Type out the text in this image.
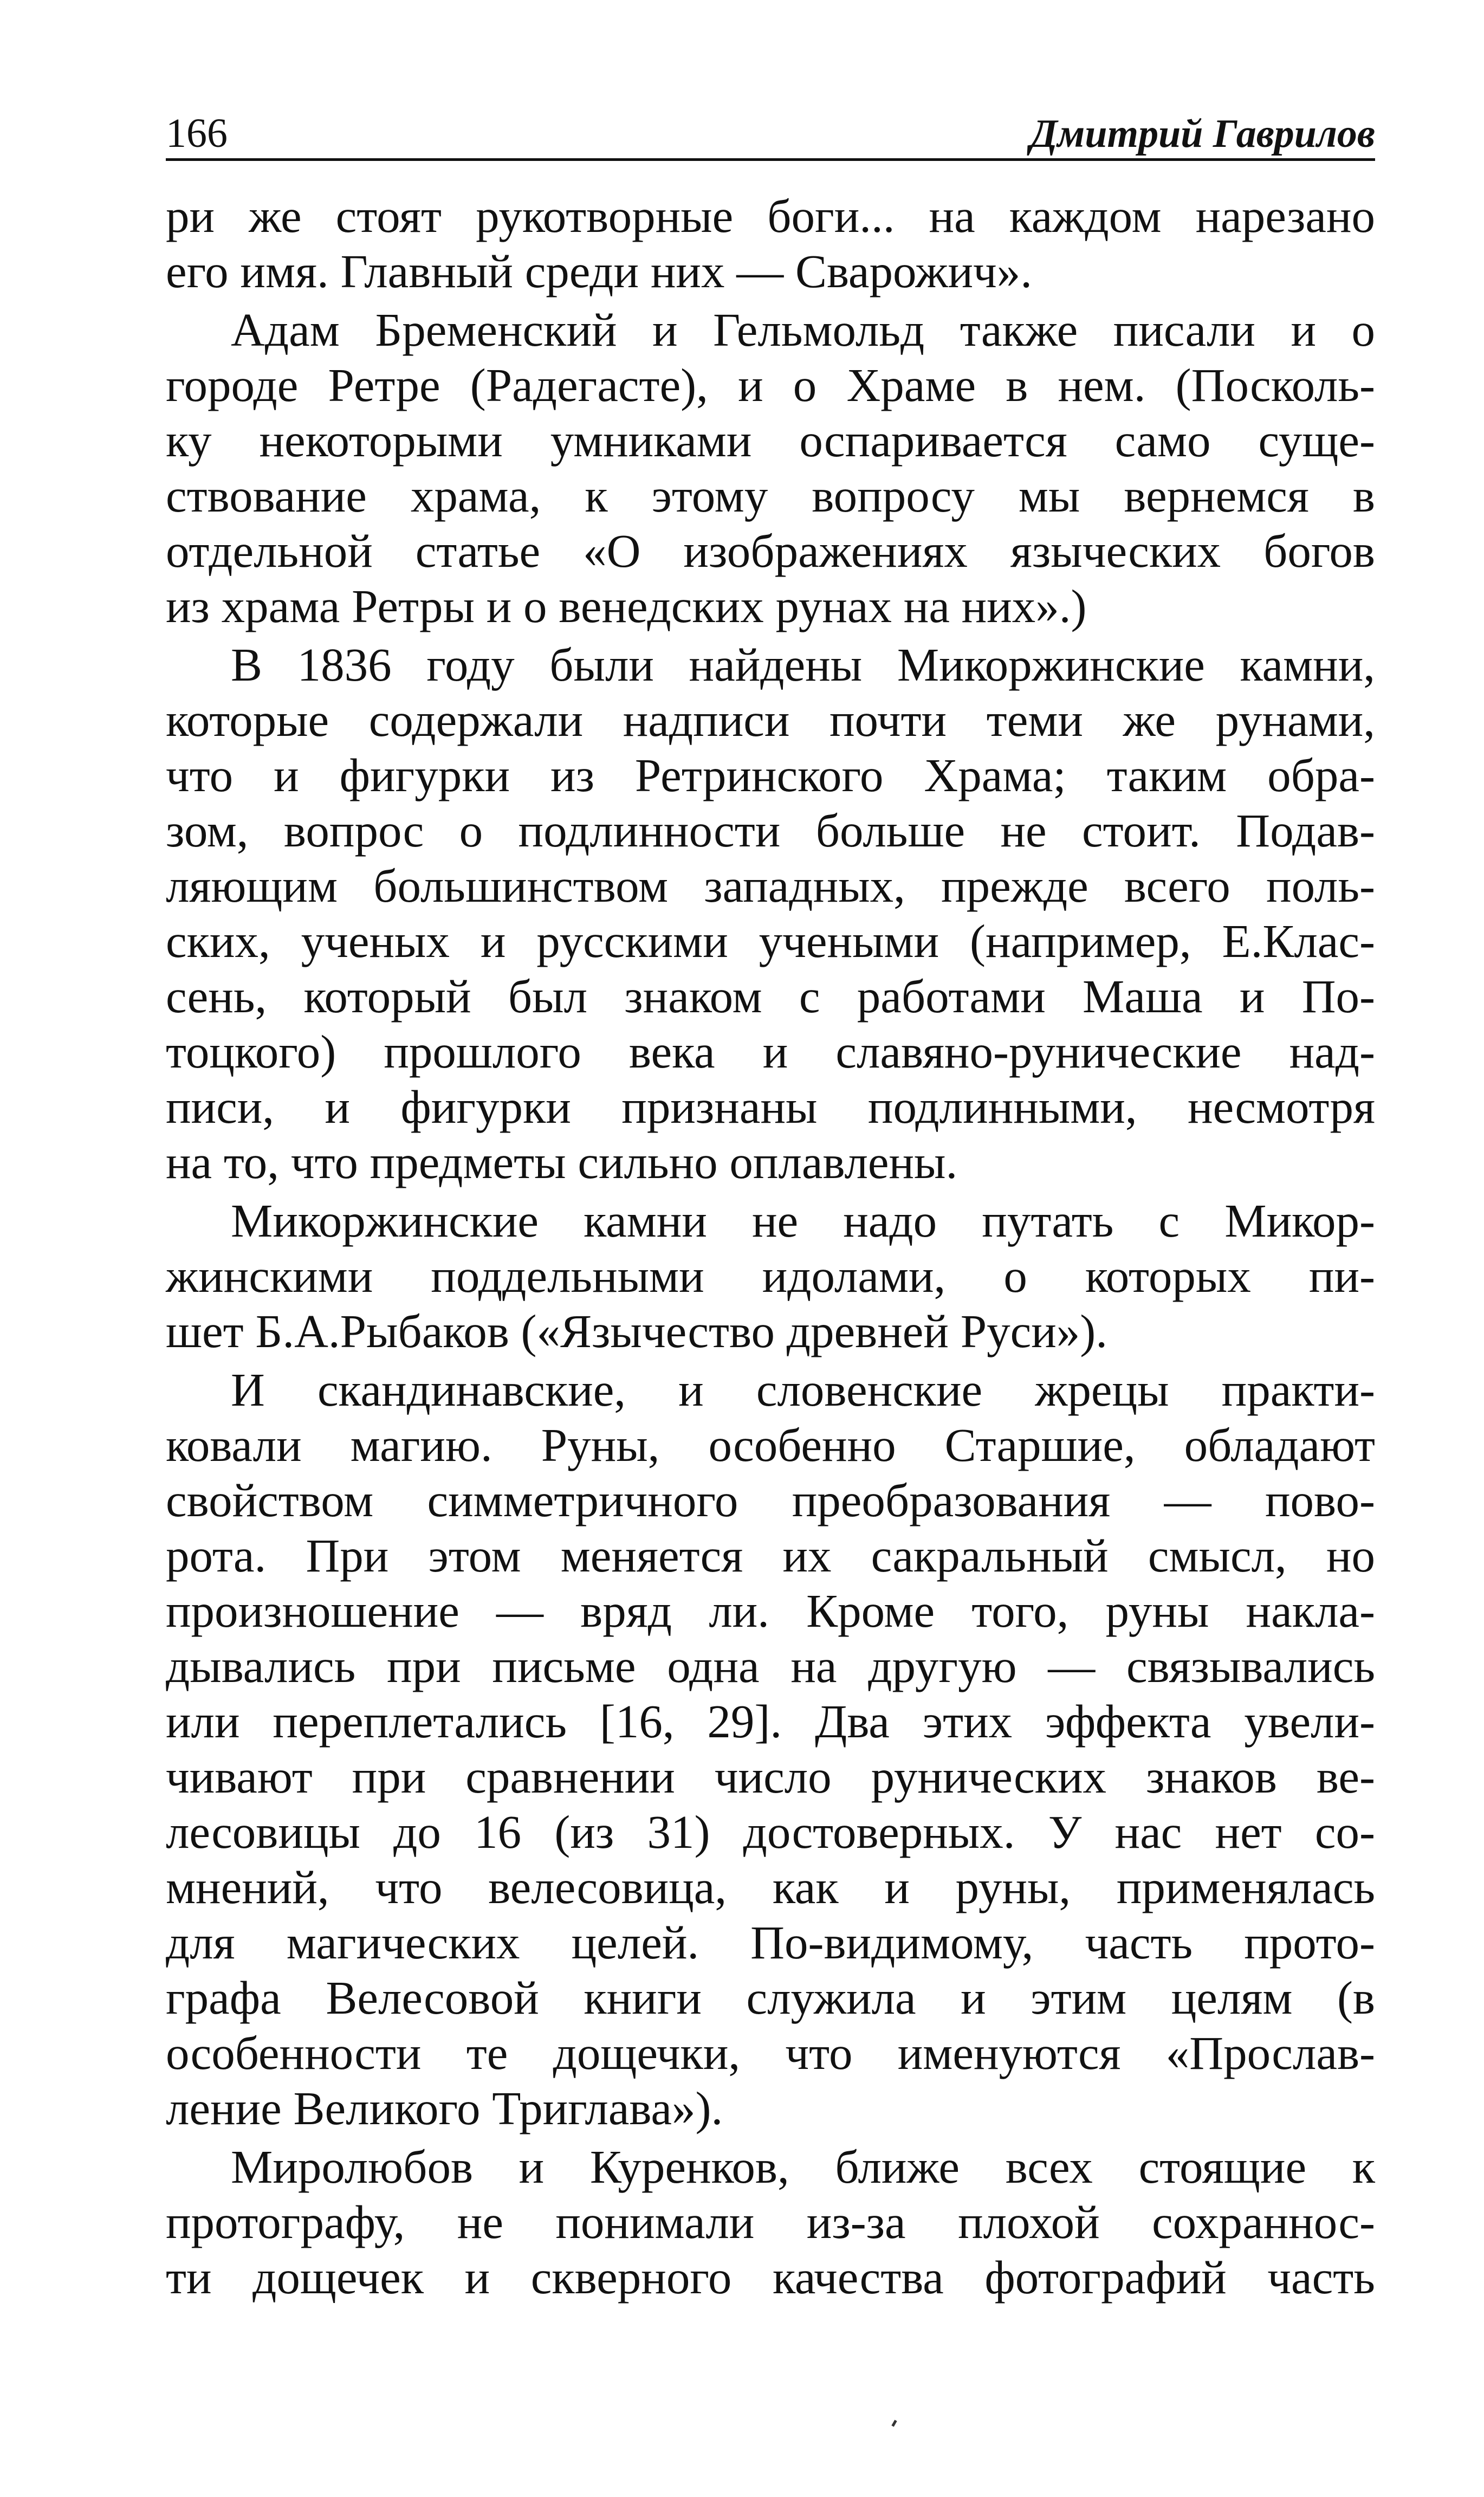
166	Дмитрий Гаврилов
ри же стоят рукотворные боги... на каждом нарезано
его имя. Главный среди них — Сварожич».
Адам Бременский и Гельмольд также писали и о
городе Ретре (Радегасте), и о Храме в нем. (Посколь-
ку некоторыми умниками оспаривается само суще-
ствование храма, к этому вопросу мы вернемся в
отдельной статье «О изображениях языческих богов
из храма Ретры и о венедских рунах на них».)
В 1836 году были найдены Микоржинские камни,
которые содержали надписи почти теми же рунами,
что и фигурки из Ретринского Храма; таким обра-
зом, вопрос о подлинности больше не стоит. Подав-
ляющим большинством западных, прежде всего поль-
ских, ученых и русскими учеными (например, Е.Клас-
сень, который был знаком с работами Маша и По-
тоцкого) прошлого века и славяно-рунические над-
писи, и фигурки признаны подлинными, несмотря
на то, что предметы сильно оплавлены.
Микоржинские камни не надо путать с Микор-
жинскими поддельными идолами, о которых пи-
шет Б.А.Рыбаков («Язычество древней Руси»).
И скандинавские, и словенские жрецы практи-
ковали магию. Руны, особенно Старшие, обладают
свойством симметричного преобразования — пово-
рота. При этом меняется их сакральный смысл, но
произношение — вряд ли. Кроме того, руны накла-
дывались при письме одна на другую — связывались
или переплетались [16, 29]. Два этих эффекта увели-
чивают при сравнении число рунических знаков ве-
лесовицы до 16 (из 31) достоверных. У нас нет со-
мнений, что велесовица, как и руны, применялась
для магических целей. По-видимому, часть прото-
графа Велесовой книги служила и этим целям (в
особенности те дощечки, что именуются «Прослав-
ление Великого Триглава»).
Миролюбов и Куренков, ближе всех стоящие к
протографу, не понимали из-за плохой сохраннос-
ти дощечек и скверного качества фотографий часть
